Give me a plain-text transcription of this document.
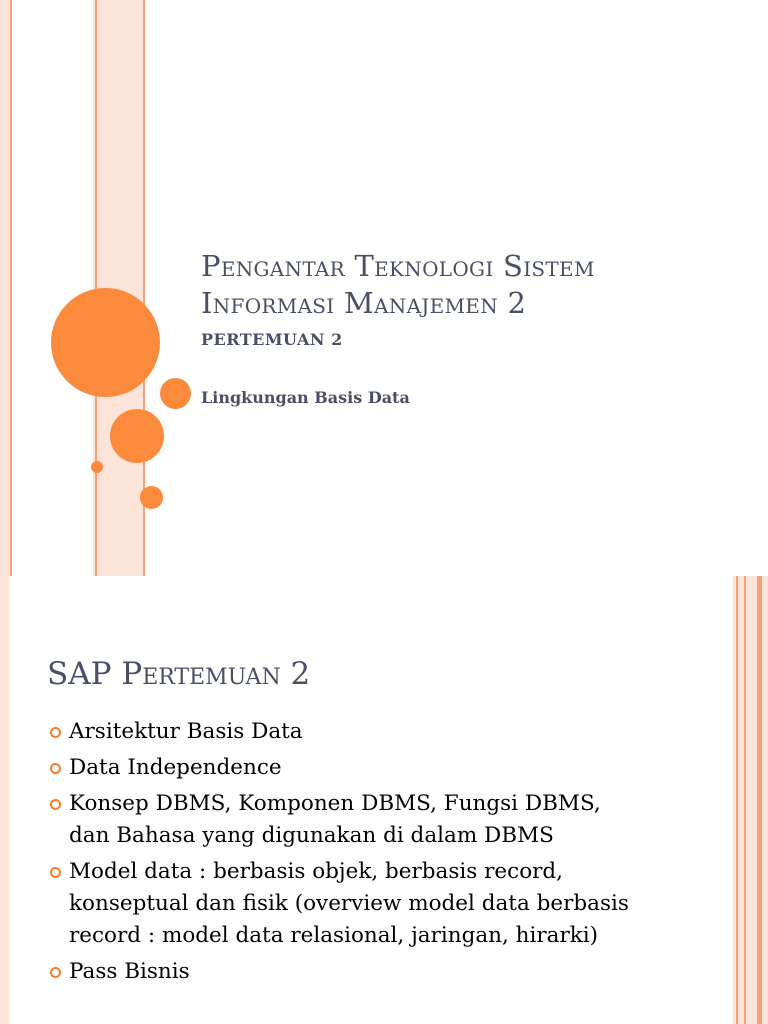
Pengantar Teknologi Sistem
Informasi Manajemen 2
PERTEMUAN 2
Lingkungan Basis Data
SAP Pertemuan 2
Arsitektur Basis Data
Data Independence
Konsep DBMS, Komponen DBMS, Fungsi DBMS, dan Bahasa yang digunakan di dalam DBMS
Model data : berbasis objek, berbasis record, konseptual dan fisik (overview model data berbasis record : model data relasional, jaringan, hirarki)
Pass Bisnis
